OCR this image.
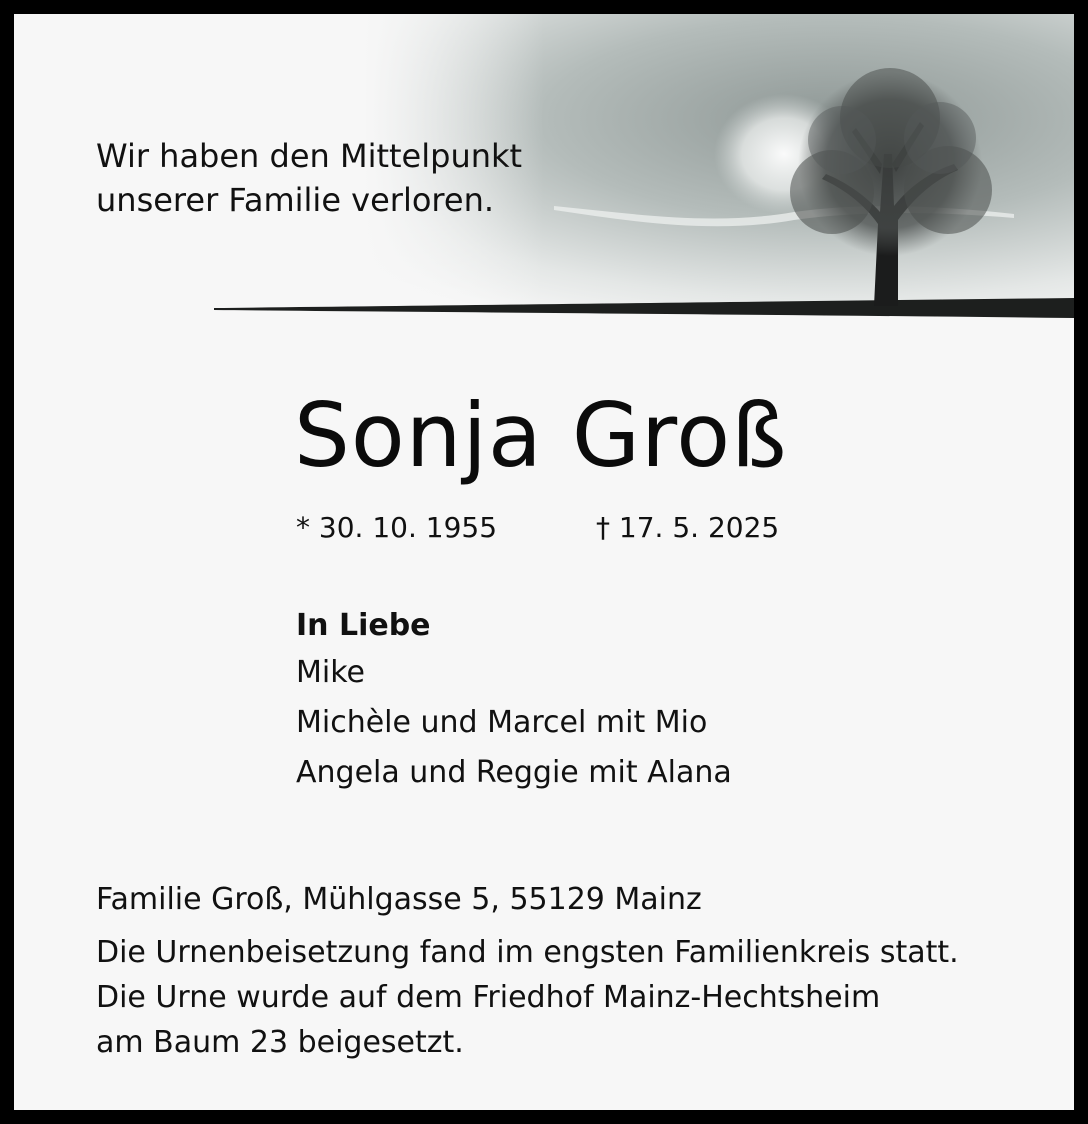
Wir haben den Mittelpunkt
unserer Familie verloren.
Sonja Groß
* 30. 10. 1955	† 17. 5. 2025
In Liebe
Mike
Michèle und Marcel mit Mio
Angela und Reggie mit Alana
Familie Groß, Mühlgasse 5, 55129 Mainz
Die Urnenbeisetzung fand im engsten Familienkreis statt.
Die Urne wurde auf dem Friedhof Mainz-Hechtsheim
am Baum 23 beigesetzt.
